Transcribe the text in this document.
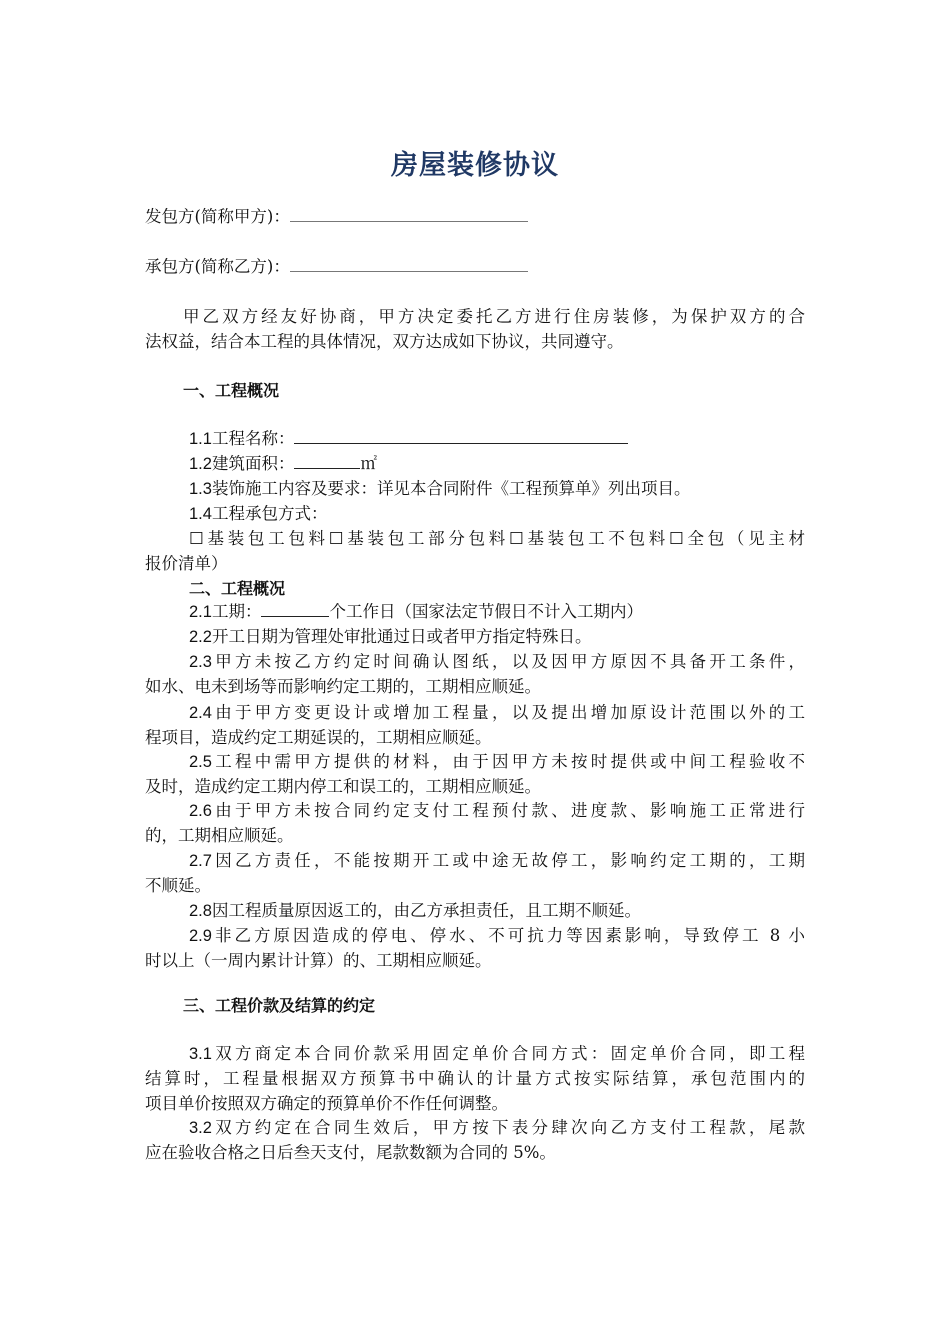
房屋装修协议
发包方(简称甲方)：
承包方(简称乙方)：
甲乙双方经友好协商，甲方决定委托乙方进行住房装修，为保护双方的合
法权益，结合本工程的具体情况，双方达成如下协议，共同遵守。
一、工程概况
1.1工程名称：
1.2建筑面积：	㎡
1.3装饰施工内容及要求：详见本合同附件《工程预算单》列出项目。
1.4工程承包方式：
☐基装包工包料☐基装包工部分包料☐基装包工不包料☐全包（见主材
报价清单）
二、工程概况
2.1工期：	个工作日（国家法定节假日不计入工期内）
2.2开工日期为管理处审批通过日或者甲方指定特殊日。
2.3甲方未按乙方约定时间确认图纸，以及因甲方原因不具备开工条件，
如水、电未到场等而影响约定工期的，工期相应顺延。
2.4由于甲方变更设计或增加工程量，以及提出增加原设计范围以外的工
程项目，造成约定工期延误的，工期相应顺延。
2.5工程中需甲方提供的材料，由于因甲方未按时提供或中间工程验收不
及时，造成约定工期内停工和误工的，工期相应顺延。
2.6由于甲方未按合同约定支付工程预付款、进度款、影响施工正常进行
的，工期相应顺延。
2.7因乙方责任，不能按期开工或中途无故停工，影响约定工期的，工期
不顺延。
2.8因工程质量原因返工的，由乙方承担责任，且工期不顺延。
2.9非乙方原因造成的停电、停水、不可抗力等因素影响，导致停工 8 小
时以上（一周内累计计算）的、工期相应顺延。
三、工程价款及结算的约定
3.1双方商定本合同价款采用固定单价合同方式：固定单价合同，即工程
结算时，工程量根据双方预算书中确认的计量方式按实际结算，承包范围内的
项目单价按照双方确定的预算单价不作任何调整。
3.2双方约定在合同生效后，甲方按下表分肆次向乙方支付工程款，尾款
应在验收合格之日后叁天支付，尾款数额为合同的 5%。
